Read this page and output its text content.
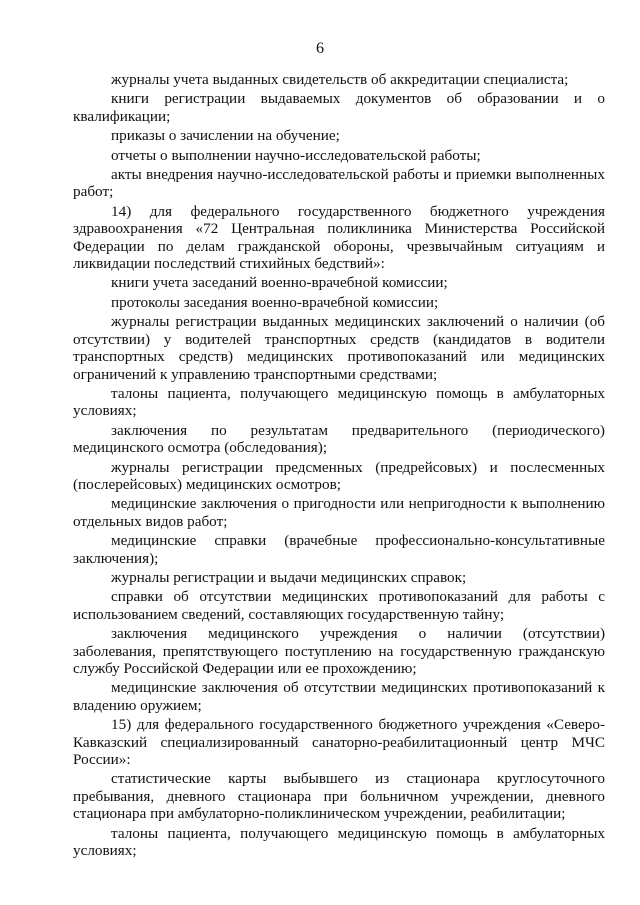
6

журналы учета выданных свидетельств об аккредитации специалиста;

книги регистрации выдаваемых документов об образовании и о квалификации;

приказы о зачислении на обучение;

отчеты о выполнении научно-исследовательской работы;

акты внедрения научно-исследовательской работы и приемки выполненных работ;

14) для федерального государственного бюджетного учреждения здравоохранения «72 Центральная поликлиника Министерства Российской Федерации по делам гражданской обороны, чрезвычайным ситуациям и ликвидации последствий стихийных бедствий»:

книги учета заседаний военно-врачебной комиссии;

протоколы заседания военно-врачебной комиссии;

журналы регистрации выданных медицинских заключений о наличии (об отсутствии) у водителей транспортных средств (кандидатов в водители транспортных средств) медицинских противопоказаний или медицинских ограничений к управлению транспортными средствами;

талоны пациента, получающего медицинскую помощь в амбулаторных условиях;

заключения по результатам предварительного (периодического) медицинского осмотра (обследования);

журналы регистрации предсменных (предрейсовых) и послесменных (послерейсовых) медицинских осмотров;

медицинские заключения о пригодности или непригодности к выполнению отдельных видов работ;

медицинские справки (врачебные профессионально-консультативные заключения);

журналы регистрации и выдачи медицинских справок;

справки об отсутствии медицинских противопоказаний для работы с использованием сведений, составляющих государственную тайну;

заключения медицинского учреждения о наличии (отсутствии) заболевания, препятствующего поступлению на государственную гражданскую службу Российской Федерации или ее прохождению;

медицинские заключения об отсутствии медицинских противопоказаний к владению оружием;

15) для федерального государственного бюджетного учреждения «Северо-Кавказский специализированный санаторно-реабилитационный центр МЧС России»:

статистические карты выбывшего из стационара круглосуточного пребывания, дневного стационара при больничном учреждении, дневного стационара при амбулаторно-поликлиническом учреждении, реабилитации;

талоны пациента, получающего медицинскую помощь в амбулаторных условиях;
